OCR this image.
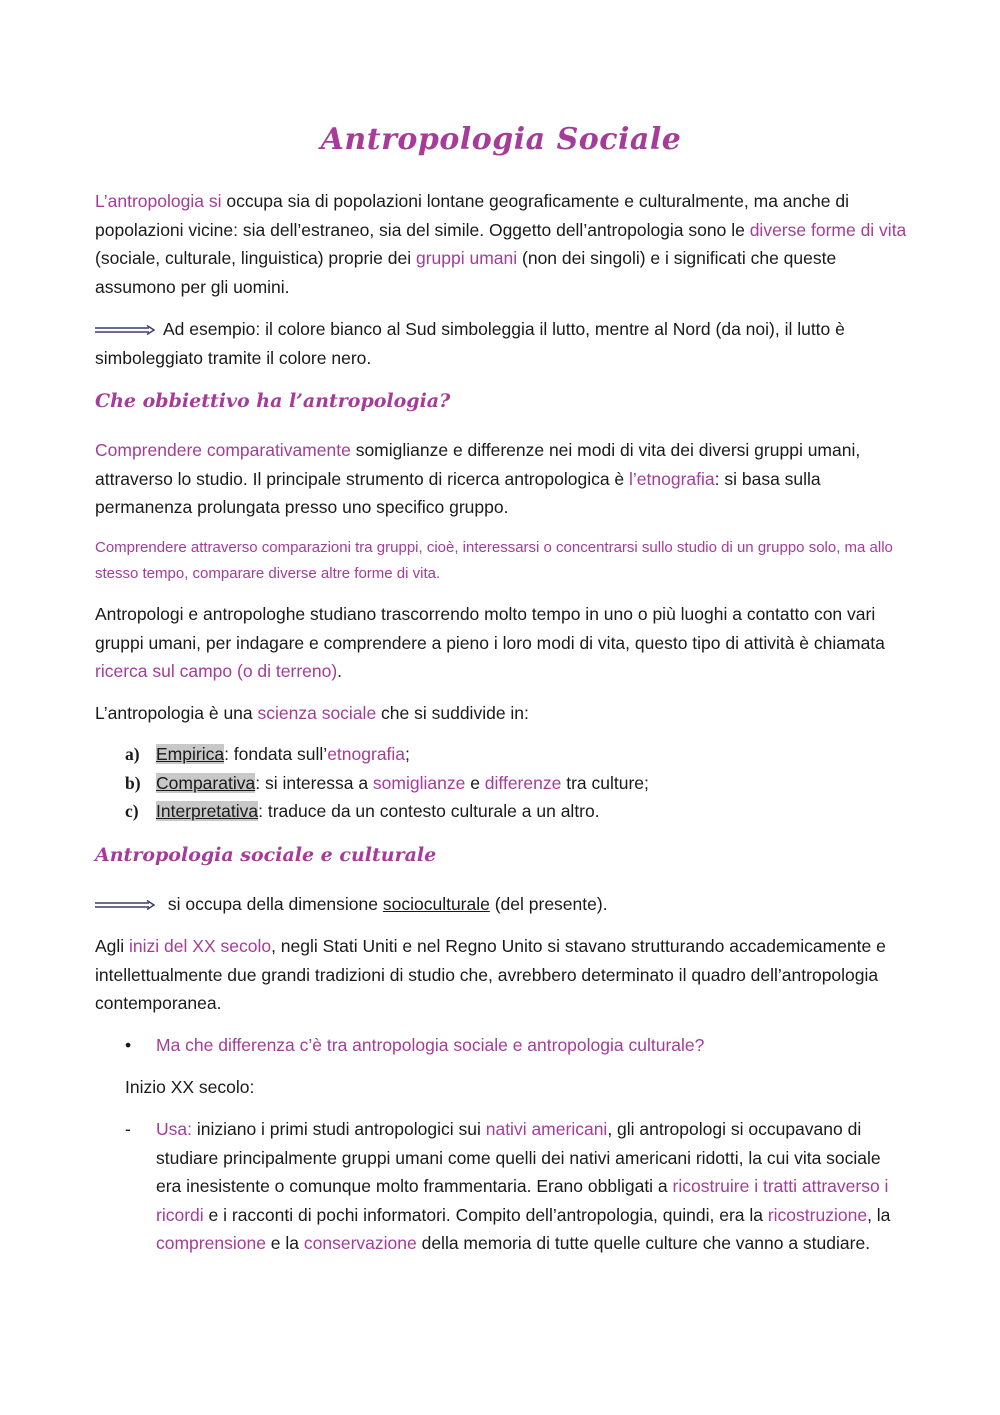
Antropologia Sociale
L’antropologia si occupa sia di popolazioni lontane geograficamente e culturalmente, ma anche di popolazioni vicine: sia dell’estraneo, sia del simile. Oggetto dell’antropologia sono le diverse forme di vita (sociale, culturale, linguistica) proprie dei gruppi umani (non dei singoli) e i significati che queste assumono per gli uomini.
Ad esempio: il colore bianco al Sud simboleggia il lutto, mentre al Nord (da noi), il lutto è simboleggiato tramite il colore nero.
Che obbiettivo ha l’antropologia?
Comprendere comparativamente somiglianze e differenze nei modi di vita dei diversi gruppi umani, attraverso lo studio. Il principale strumento di ricerca antropologica è l’etnografia: si basa sulla permanenza prolungata presso uno specifico gruppo.
Comprendere attraverso comparazioni tra gruppi, cioè, interessarsi o concentrarsi sullo studio di un gruppo solo, ma allo stesso tempo, comparare diverse altre forme di vita.
Antropologi e antropologhe studiano trascorrendo molto tempo in uno o più luoghi a contatto con vari gruppi umani, per indagare e comprendere a pieno i loro modi di vita, questo tipo di attività è chiamata ricerca sul campo (o di terreno).
L’antropologia è una scienza sociale che si suddivide in:
a) Empirica: fondata sull’etnografia;
b) Comparativa: si interessa a somiglianze e differenze tra culture;
c) Interpretativa: traduce da un contesto culturale a un altro.
Antropologia sociale e culturale
si occupa della dimensione socioculturale (del presente).
Agli inizi del XX secolo, negli Stati Uniti e nel Regno Unito si stavano strutturando accademicamente e intellettualmente due grandi tradizioni di studio che, avrebbero determinato il quadro dell’antropologia contemporanea.
• Ma che differenza c’è tra antropologia sociale e antropologia culturale?
Inizio XX secolo:
- Usa: iniziano i primi studi antropologici sui nativi americani, gli antropologi si occupavano di studiare principalmente gruppi umani come quelli dei nativi americani ridotti, la cui vita sociale era inesistente o comunque molto frammentaria. Erano obbligati a ricostruire i tratti attraverso i ricordi e i racconti di pochi informatori. Compito dell’antropologia, quindi, era la ricostruzione, la comprensione e la conservazione della memoria di tutte quelle culture che vanno a studiare.
